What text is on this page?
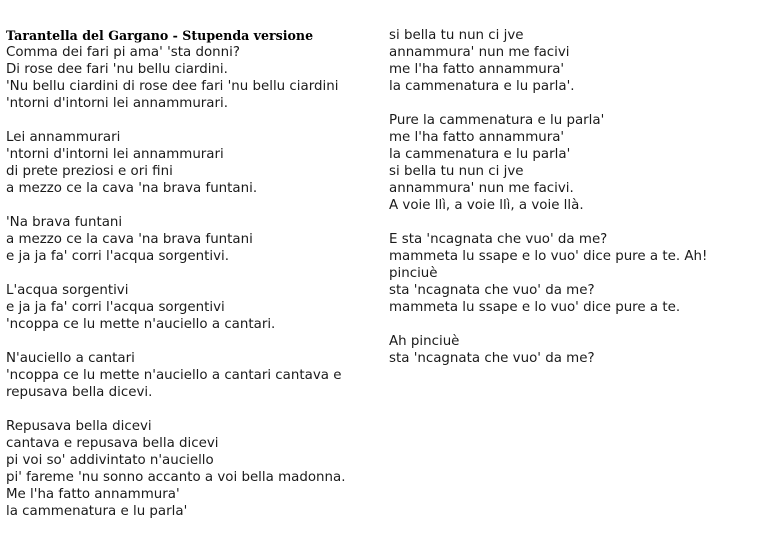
Tarantella del Gargano - Stupenda versione
Comma dei fari pi ama' 'sta donni?
Di rose dee fari 'nu bellu ciardini.
'Nu bellu ciardini di rose dee fari 'nu bellu ciardini
'ntorni d'intorni lei annammurari.
Lei annammurari
'ntorni d'intorni lei annammurari
di prete preziosi e ori fini
a mezzo ce la cava 'na brava funtani.
'Na brava funtani
a mezzo ce la cava 'na brava funtani
e ja ja fa' corri l'acqua sorgentivi.
L'acqua sorgentivi
e ja ja fa' corri l'acqua sorgentivi
'ncoppa ce lu mette n'auciello a cantari.
N'auciello a cantari
'ncoppa ce lu mette n'auciello a cantari cantava e
repusava bella dicevi.
Repusava bella dicevi
cantava e repusava bella dicevi
pi voi so' addivintato n'auciello
pi' fareme 'nu sonno accanto a voi bella madonna.
Me l'ha fatto annammura'
la cammenatura e lu parla'
si bella tu nun ci jve
annammura' nun me facivi
me l'ha fatto annammura'
la cammenatura e lu parla'.
Pure la cammenatura e lu parla'
me l'ha fatto annammura'
la cammenatura e lu parla'
si bella tu nun ci jve
annammura' nun me facivi.
A voie llì, a voie llì, a voie llà.
E sta 'ncagnata che vuo' da me?
mammeta lu ssape e lo vuo' dice pure a te. Ah!
pinciuè
sta 'ncagnata che vuo' da me?
mammeta lu ssape e lo vuo' dice pure a te.
Ah pinciuè
sta 'ncagnata che vuo' da me?
